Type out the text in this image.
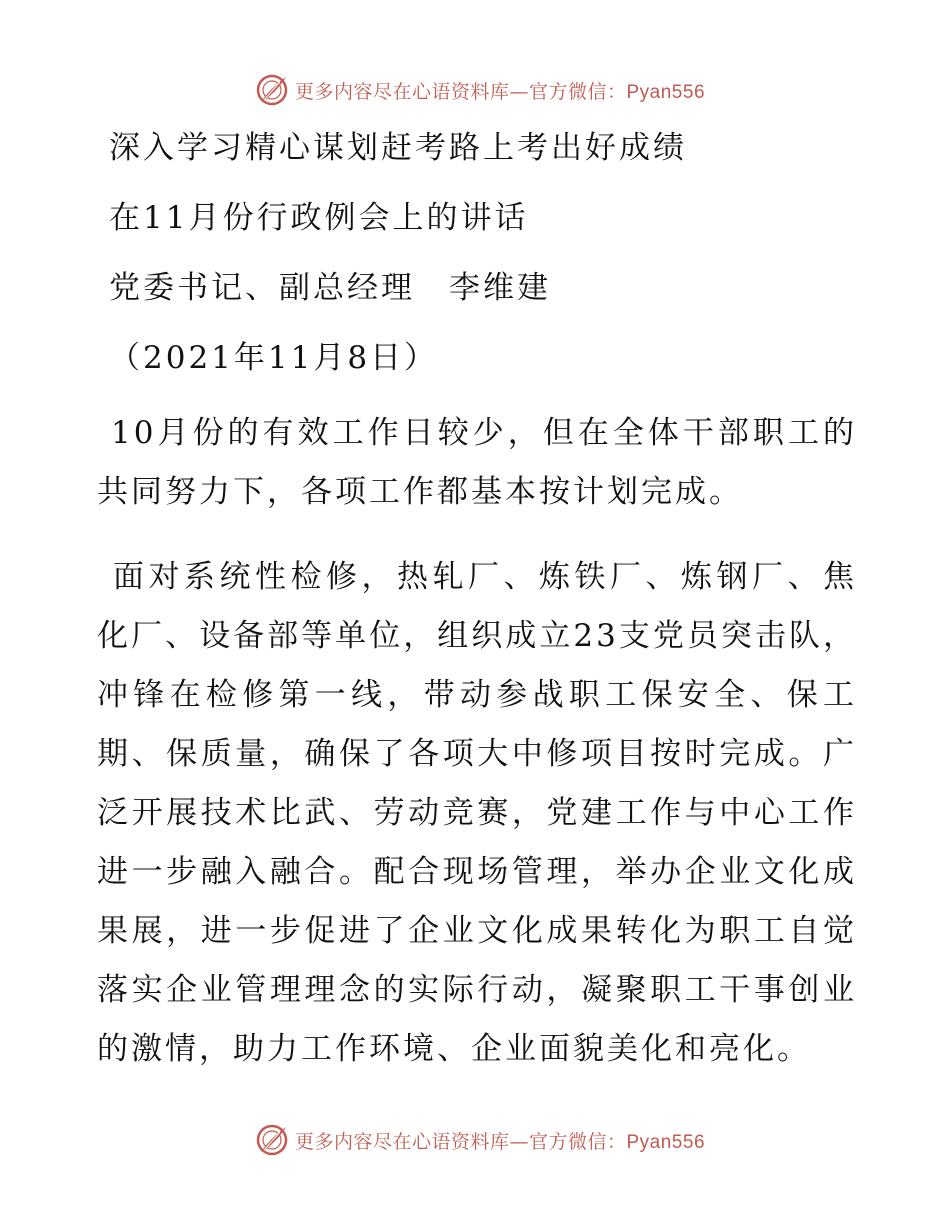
更多内容尽在心语资料库—官方微信：Pyan556
深入学习精心谋划赶考路上考出好成绩
在11月份行政例会上的讲话
党委书记、副总经理　李维建
（2021年11月8日）

10月份的有效工作日较少，但在全体干部职工的共同努力下，各项工作都基本按计划完成。

面对系统性检修，热轧厂、炼铁厂、炼钢厂、焦化厂、设备部等单位，组织成立23支党员突击队，冲锋在检修第一线，带动参战职工保安全、保工期、保质量，确保了各项大中修项目按时完成。广泛开展技术比武、劳动竞赛，党建工作与中心工作进一步融入融合。配合现场管理，举办企业文化成果展，进一步促进了企业文化成果转化为职工自觉落实企业管理理念的实际行动，凝聚职工干事创业的激情，助力工作环境、企业面貌美化和亮化。

更多内容尽在心语资料库—官方微信：Pyan556
